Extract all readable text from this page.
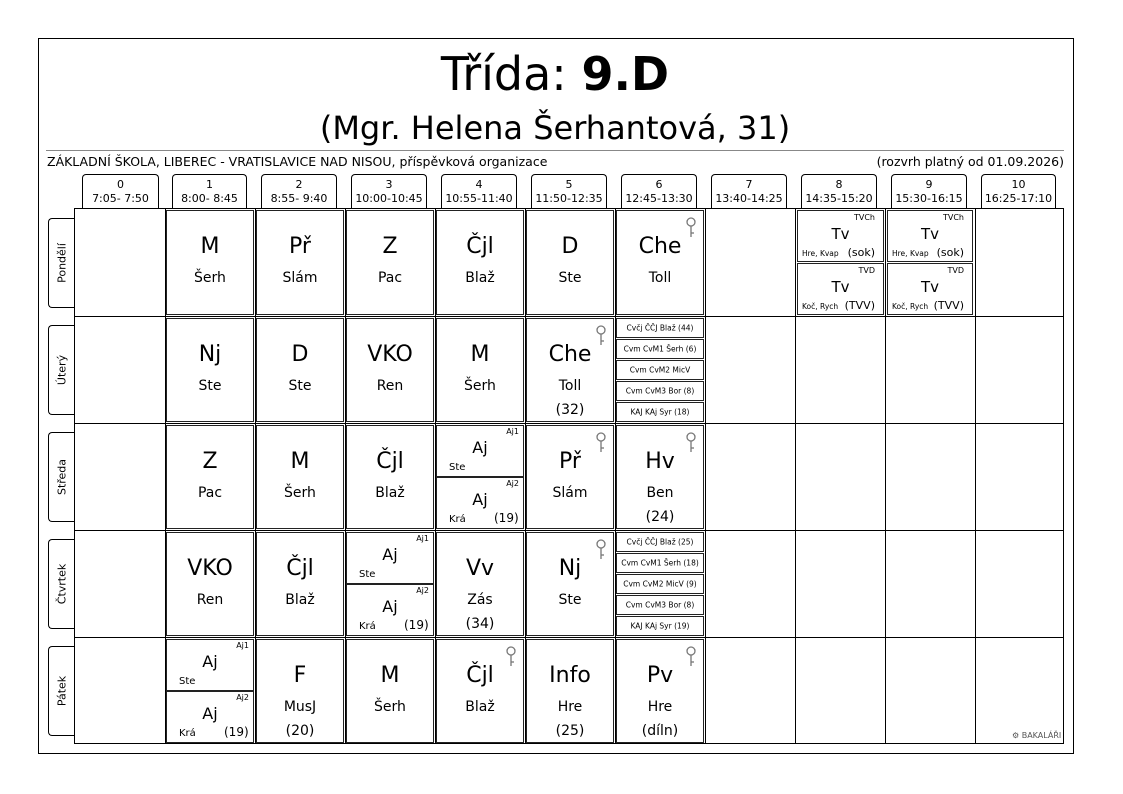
Třída: 9.D
(Mgr. Helena Šerhantová, 31)
ZÁKLADNÍ ŠKOLA, LIBEREC - VRATISLAVICE NAD NISOU, příspěvková organizace	(rozvrh platný od 01.09.2026)
0
7:05- 7:50
1
8:00- 8:45
2
8:55- 9:40
3
10:00-10:45
4
10:55-11:40
5
11:50-12:35
6
12:45-13:30
7
13:40-14:25
8
14:35-15:20
9
15:30-16:15
10
16:25-17:10
Pondělí
Úterý
Středa
Čtvrtek
Pátek
M
Šerh
Př
Slám
Z
Pac
Čjl
Blaž
D
Ste
Che
Toll
TVCh
Tv
Hre, Kvap (sok)
TVD
Tv
Koč, Rych (TVV)
TVCh
Tv
Hre, Kvap (sok)
TVD
Tv
Koč, Rych (TVV)
Nj
Ste
D
Ste
VKO
Ren
M
Šerh
Che
Toll
(32)
Cvčj ČČJ Blaž (44)
Cvm CvM1 Šerh (6)
Cvm CvM2 MicV
Cvm CvM3 Bor (8)
KAJ KAj Syr (18)
Z
Pac
M
Šerh
Čjl
Blaž
Aj1
Aj
Ste
Aj2
Aj
Krá (19)
Př
Slám
Hv
Ben
(24)
VKO
Ren
Čjl
Blaž
Aj1
Aj
Ste
Aj2
Aj
Krá (19)
Vv
Zás
(34)
Nj
Ste
Cvčj ČČJ Blaž (25)
Cvm CvM1 Šerh (18)
Cvm CvM2 MicV (9)
Cvm CvM3 Bor (8)
KAJ KAj Syr (19)
Aj1
Aj
Ste
Aj2
Aj
Krá (19)
F
MusJ
(20)
M
Šerh
Čjl
Blaž
Info
Hre
(25)
Pv
Hre
(díln)	⚙ BAKALÁŘI
